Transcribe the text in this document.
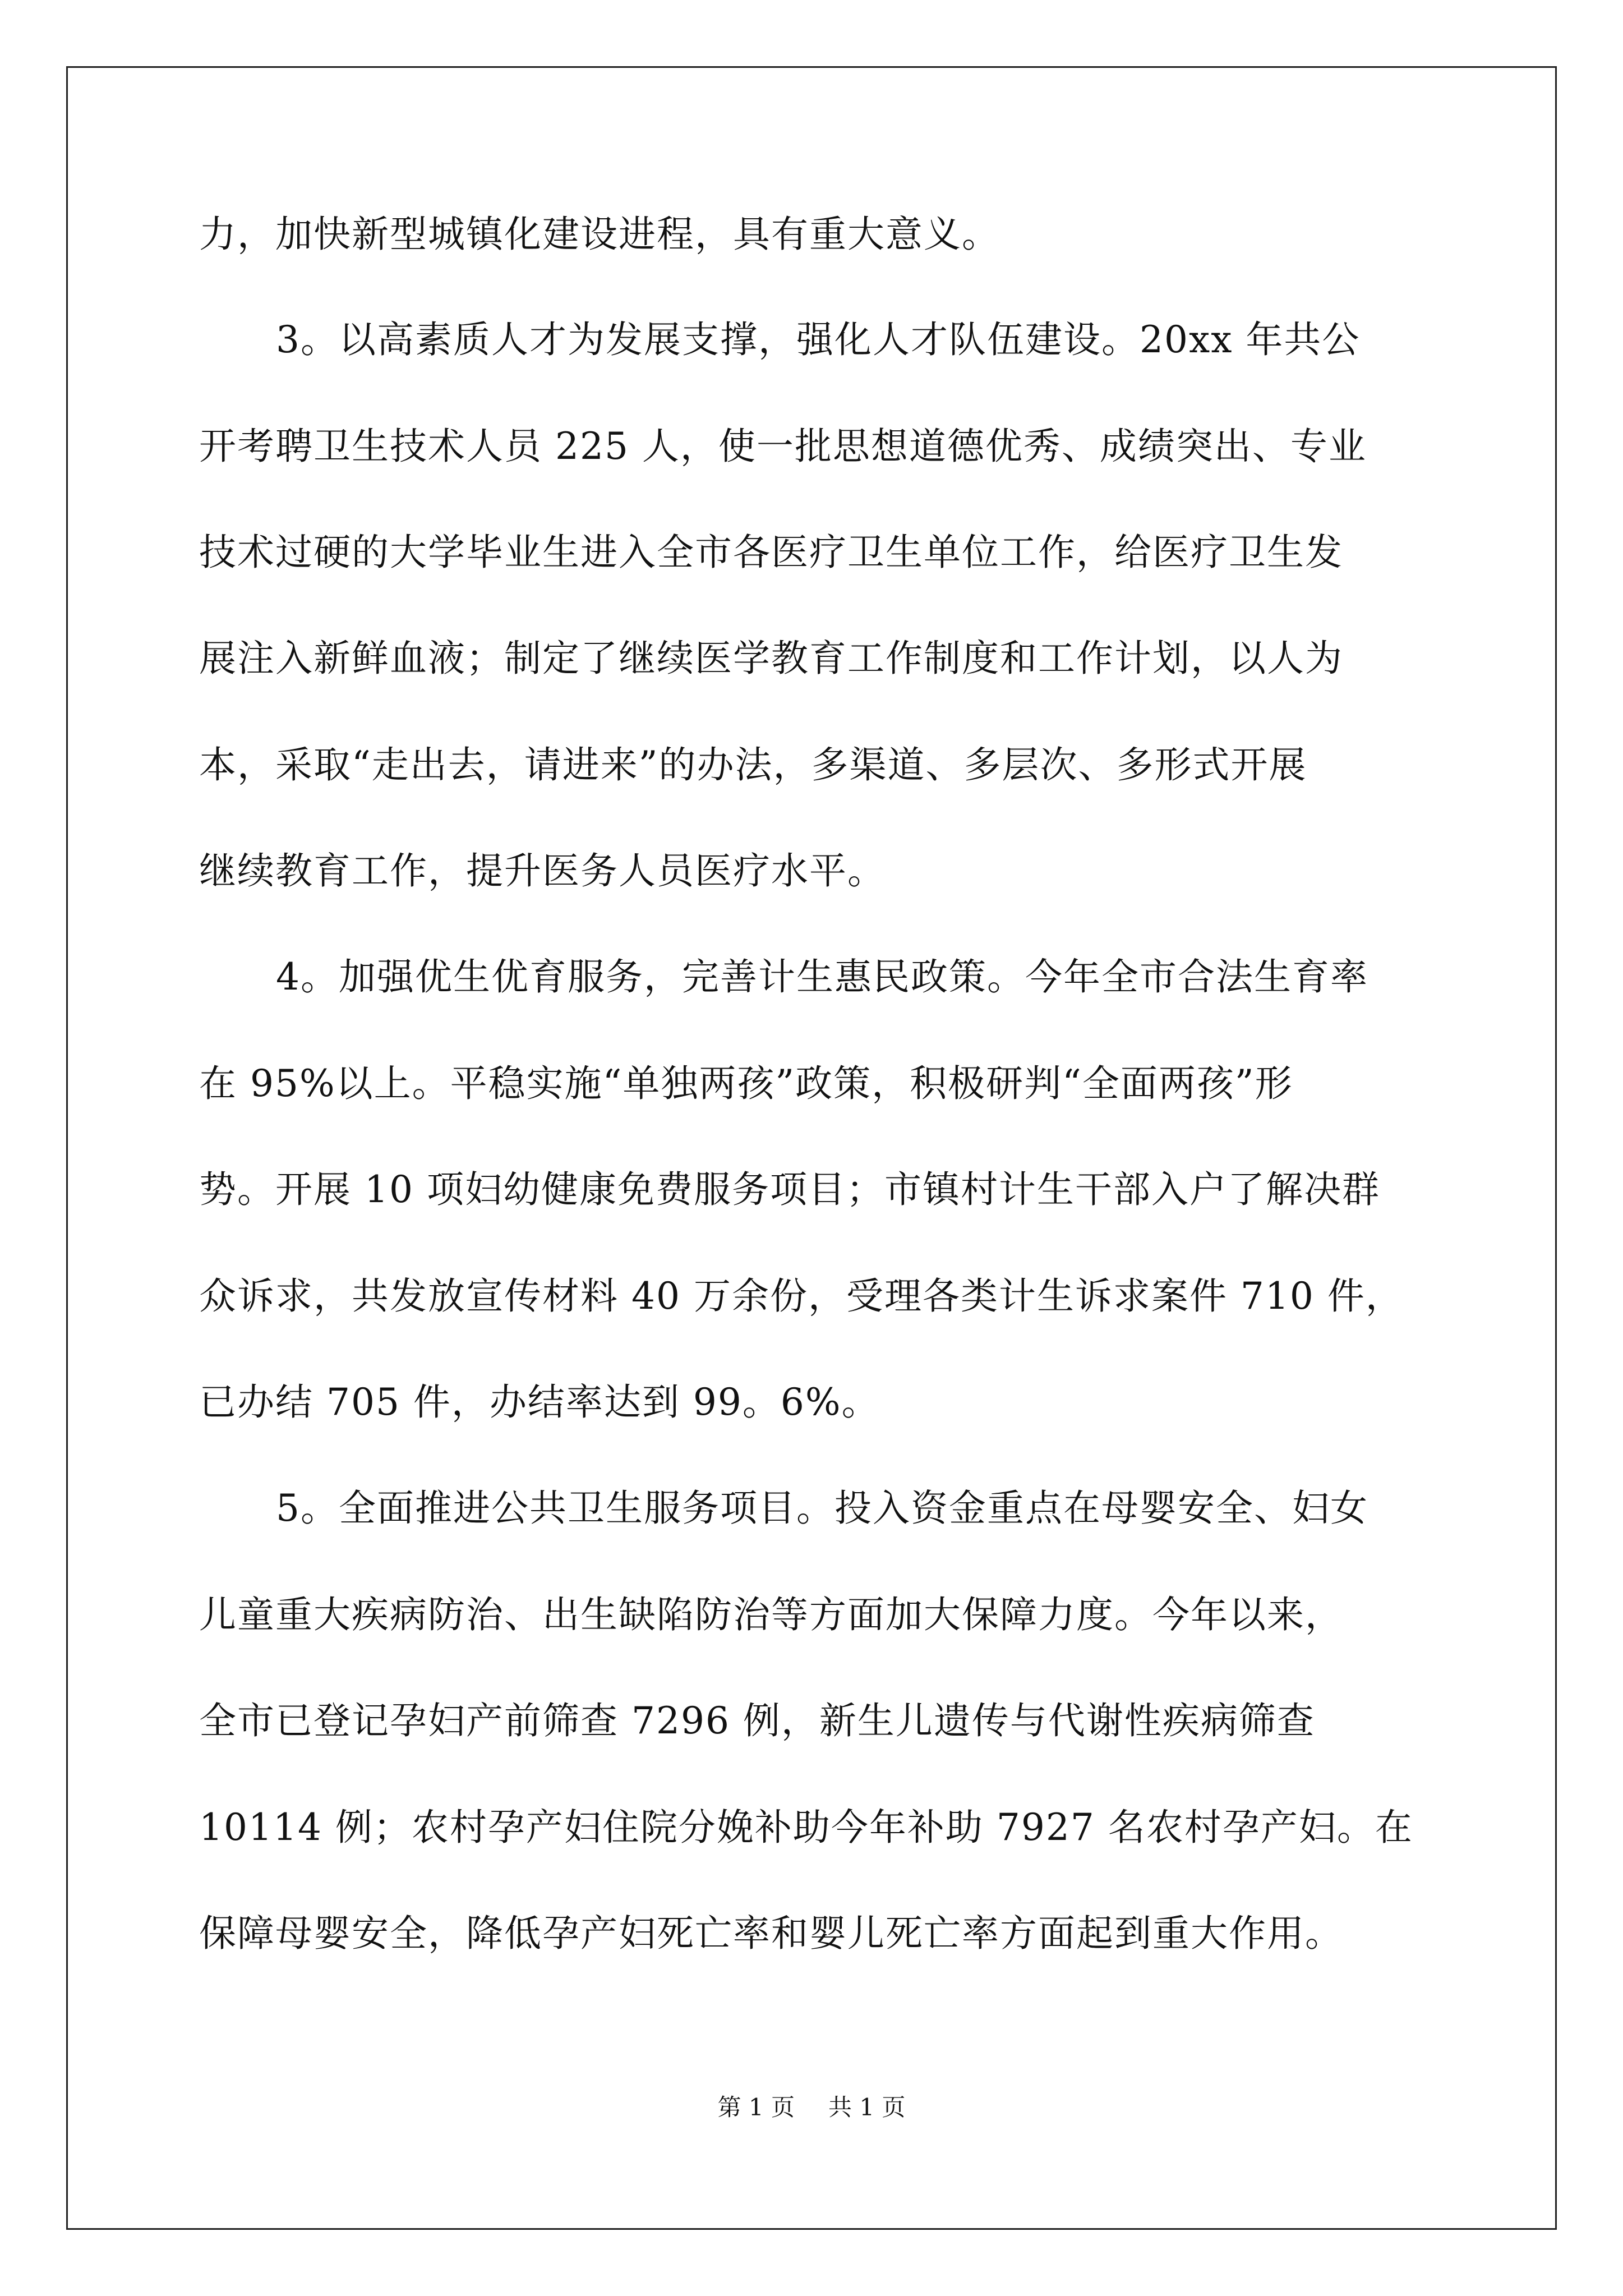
力，加快新型城镇化建设进程，具有重大意义。
3。以高素质人才为发展支撑，强化人才队伍建设。20xx 年共公
开考聘卫生技术人员 225 人，使一批思想道德优秀、成绩突出、专业
技术过硬的大学毕业生进入全市各医疗卫生单位工作，给医疗卫生发
展注入新鲜血液；制定了继续医学教育工作制度和工作计划，以人为
本，采取“走出去，请进来”的办法，多渠道、多层次、多形式开展
继续教育工作，提升医务人员医疗水平。
4。加强优生优育服务，完善计生惠民政策。今年全市合法生育率
在 95%以上。平稳实施“单独两孩”政策，积极研判“全面两孩”形
势。开展 10 项妇幼健康免费服务项目；市镇村计生干部入户了解决群
众诉求，共发放宣传材料 40 万余份，受理各类计生诉求案件 710 件，
已办结 705 件，办结率达到 99。6%。
5。全面推进公共卫生服务项目。投入资金重点在母婴安全、妇女
儿童重大疾病防治、出生缺陷防治等方面加大保障力度。今年以来，
全市已登记孕妇产前筛查 7296 例，新生儿遗传与代谢性疾病筛查
10114 例；农村孕产妇住院分娩补助今年补助 7927 名农村孕产妇。在
保障母婴安全，降低孕产妇死亡率和婴儿死亡率方面起到重大作用。
第 1 页 共 1 页
